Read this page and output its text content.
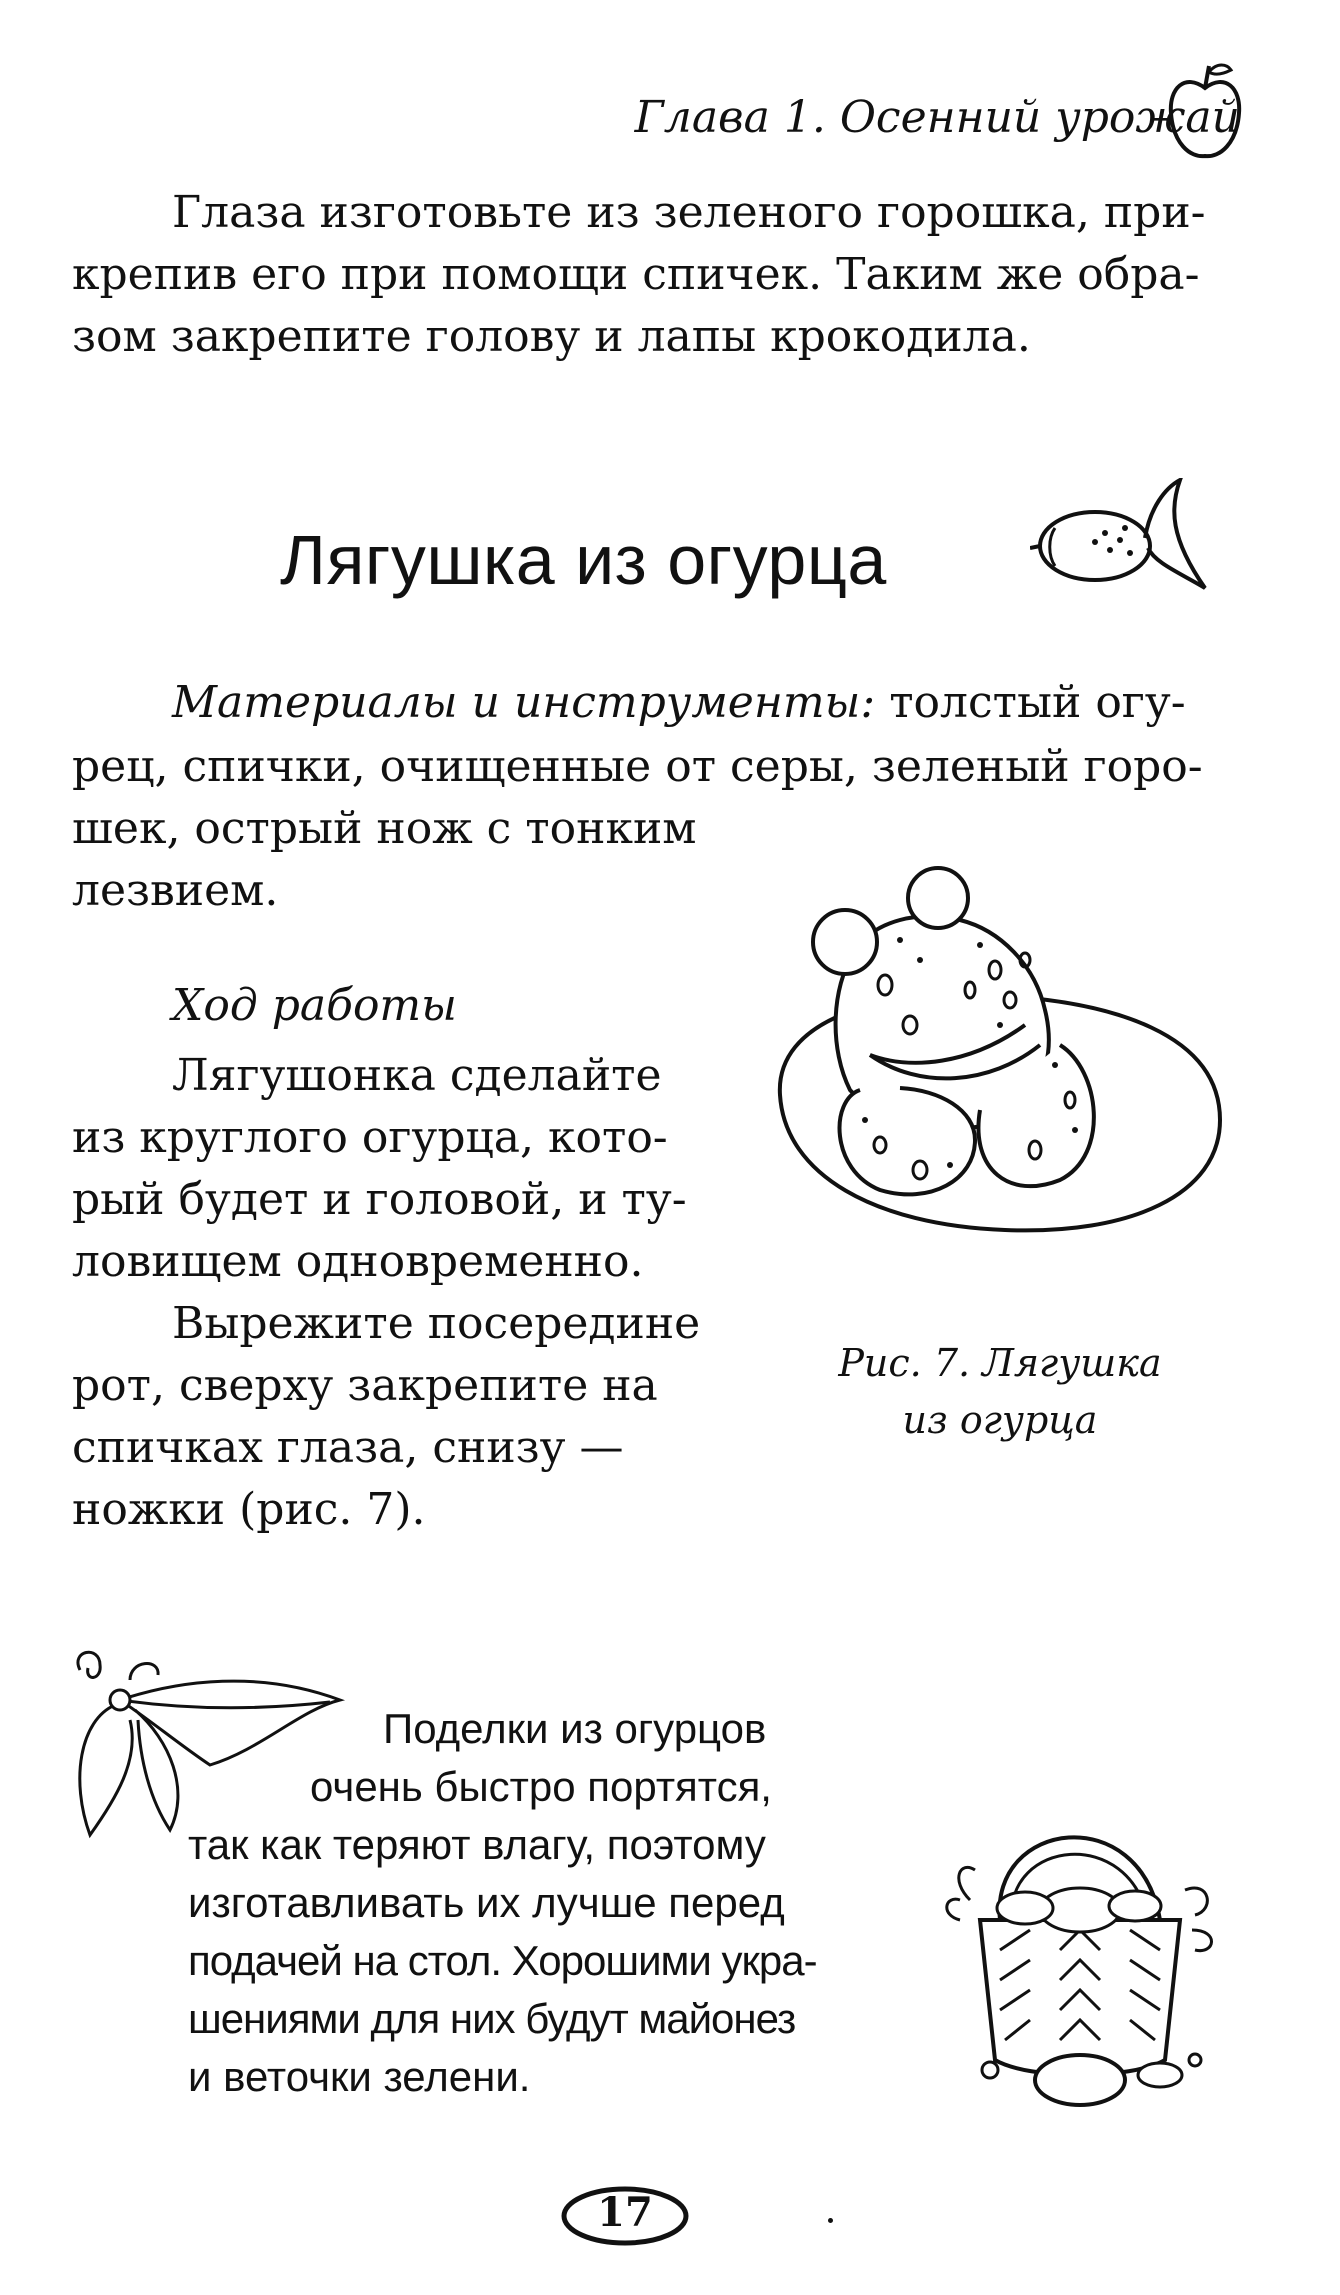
Глава 1. Осенний урожай
Глаза изготовьте из зеленого горошка, при-
крепив его при помощи спичек. Таким же обра-
зом закрепите голову и лапы крокодила.
Лягушка из огурца
Материалы и инструменты: толстый огу-
рец, спички, очищенные от серы, зеленый горо-
шек, острый нож с тонким
лезвием.
Ход работы
Лягушонка сделайте
из круглого огурца, кото-
рый будет и головой, и ту-
ловищем одновременно.
Вырежите посередине
рот, сверху закрепите на
спичках глаза, снизу —
ножки (рис. 7).
Рис. 7. Лягушка
из огурца
Поделки из огурцов
очень быстро портятся,
так как теряют влагу, поэтому
изготавливать их лучше перед
подачей на стол. Хорошими укра-
шениями для них будут майонез
и веточки зелени.
17
